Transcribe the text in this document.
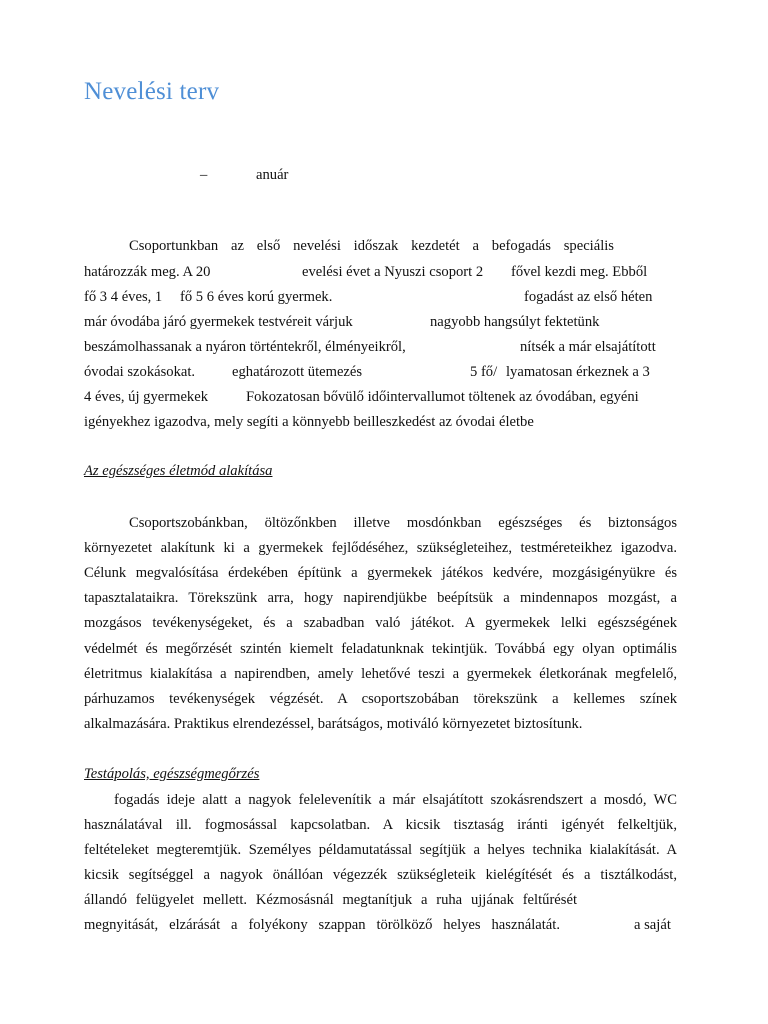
Nevelési terv
–	anuár

Csoportunkban az első nevelési időszak kezdetét a befogadás speciális

határozzák meg. A 20	evelési évet a Nyuszi csoport 2 fővel kezdi meg. Ebből
fő 3 4 éves, 1 fő 5 6 éves korú gyermek.	fogadást az első héten
már óvodába járó gyermekek testvéreit várjuk	nagyobb hangsúlyt fektetünk
beszámolhassanak a nyáron történtekről, élményeikről,	nítsék a már elsajátított
óvodai szokásokat.	eghatározott ütemezés	5 fő/ lyamatosan érkeznek a 3
4 éves, új gyermekek	Fokozatosan bővülő időintervallumot töltenek az óvodában, egyéni
igényekhez igazodva, mely segíti a könnyebb beilleszkedést az óvodai életbe

Az egészséges életmód alakítása

Csoportszobánkban, öltözőnkben illetve mosdónkban egészséges és biztonságos

környezetet alakítunk ki a gyermekek fejlődéséhez, szükségleteihez, testméreteikhez igazodva.

Célunk megvalósítása érdekében építünk a gyermekek játékos kedvére, mozgásigényükre és

tapasztalataikra. Törekszünk arra, hogy napirendjükbe beépítsük a mindennapos mozgást, a

mozgásos tevékenységeket, és a szabadban való játékot. A gyermekek lelki egészségének

védelmét és megőrzését szintén kiemelt feladatunknak tekintjük. Továbbá egy olyan optimális

életritmus kialakítása a napirendben, amely lehetővé teszi a gyermekek életkorának megfelelő,

párhuzamos tevékenységek végzését. A csoportszobában törekszünk a kellemes színek

alkalmazására. Praktikus elrendezéssel, barátságos, motiváló környezetet biztosítunk.

Testápolás, egészségmegőrzés

fogadás ideje alatt a nagyok felelevenítik a már elsajátított szokásrendszert a mosdó, WC

használatával ill. fogmosással kapcsolatban. A kicsik tisztaság iránti igényét felkeltjük,

feltételeket megteremtjük. Személyes példamutatással segítjük a helyes technika kialakítását. A

kicsik segítséggel a nagyok önállóan végezzék szükségleteik kielégítését és a tisztálkodást,

állandó felügyelet mellett. Kézmosásnál megtanítjuk a ruha ujjának feltűrését

megnyitását, elzárását a folyékony szappan törölköző helyes használatát.	a saját
